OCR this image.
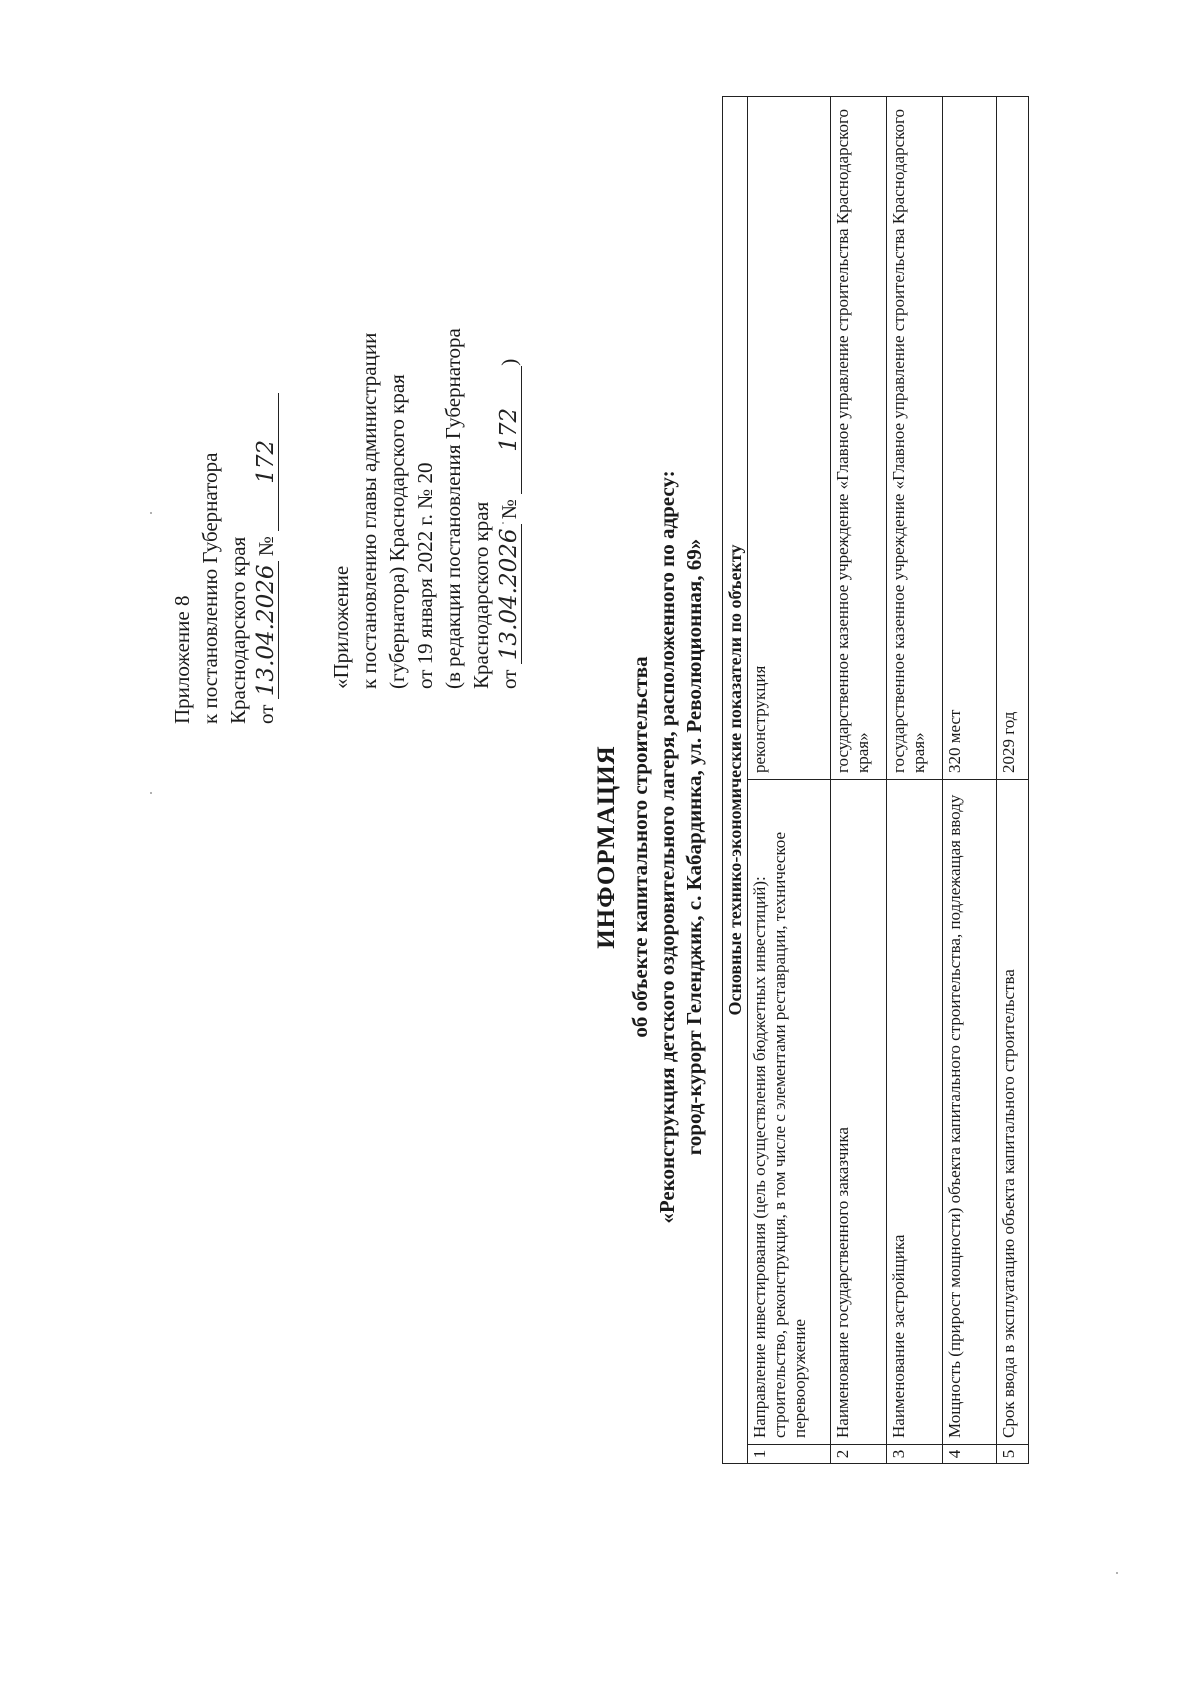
Приложение 8 к постановлению Губернатора Краснодарского края от 13.04.2026 № 172
«Приложение к постановлению главы администрации (губернатора) Краснодарского края от 19 января 2022 г. № 20 (в редакции постановления Губернатора Краснодарского края от 13.04.2026 № 172)
ИНФОРМАЦИЯ об объекте капитального строительства «Реконструкция детского оздоровительного лагеря, расположенного по адресу: город-курорт Геленджик, с. Кабардинка, ул. Революционная, 69» Основные технико-экономические показатели по объекту		
1	Направление инвестирования (цель осуществления бюджетных инвестиций): строительство, реконструкция, в том числе с элементами реставрации, техническое перевооружение	реконструкция
2	Наименование государственного заказчика	государственное казенное учреждение «Главное управление строительства Краснодарского края»
3	Наименование застройщика	государственное казенное учреждение «Главное управление строительства Краснодарского края»
4	Мощность (прирост мощности) объекта капитального строительства, подлежащая вводу	320 мест
5	Срок ввода в эксплуатацию объекта капитального строительства	2029 год
